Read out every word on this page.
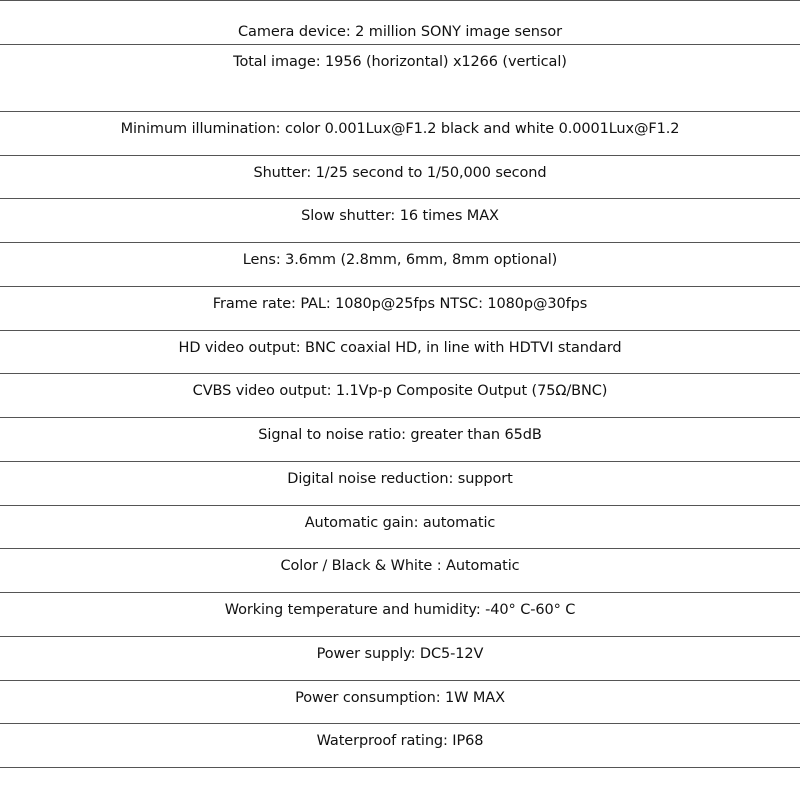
Camera device: 2 million SONY image sensor
Total image: 1956 (horizontal) x1266 (vertical)
Minimum illumination: color 0.001Lux@F1.2 black and white 0.0001Lux@F1.2
Shutter: 1/25 second to 1/50,000 second
Slow shutter: 16 times MAX
Lens: 3.6mm (2.8mm, 6mm, 8mm optional)
Frame rate: PAL: 1080p@25fps NTSC: 1080p@30fps
HD video output: BNC coaxial HD, in line with HDTVI standard
CVBS video output: 1.1Vp-p Composite Output (75Ω/BNC)
Signal to noise ratio: greater than 65dB
Digital noise reduction: support
Automatic gain: automatic
Color / Black & White : Automatic
Working temperature and humidity: -40° C-60° C
Power supply: DC5-12V
Power consumption: 1W MAX
Waterproof rating: IP68
